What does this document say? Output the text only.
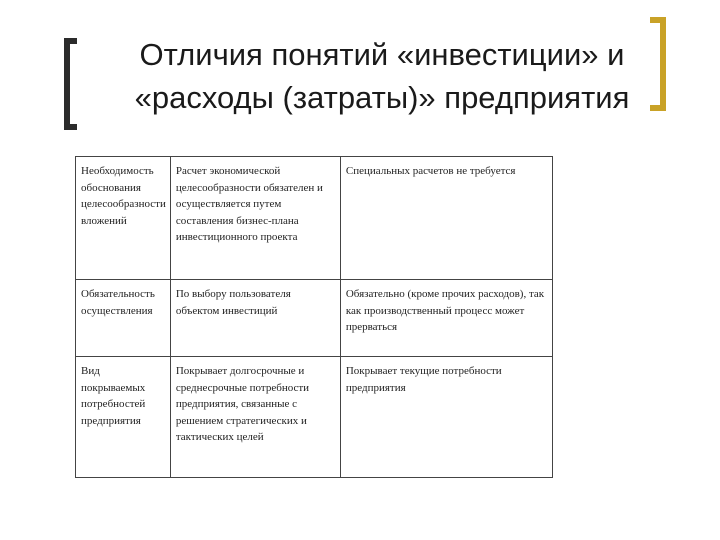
Отличия понятий «инвестиции» и
«расходы (затраты)» предприятия
Необходимость обоснования целесообразности вложений	Расчет экономической целесообразности обязателен и осуществляется путем составления бизнес-плана инвестиционного проекта	Специальных расчетов не требуется

Обязательность осуществления	По выбору пользователя объектом инвестиций	Обязательно (кроме прочих расходов), так как производственный процесс может прерваться

Вид покрываемых потребностей предприятия	Покрывает долгосрочные и среднесрочные потребности предприятия, связанные с решением стратегических и тактических целей	Покрывает текущие потребности предприятия
